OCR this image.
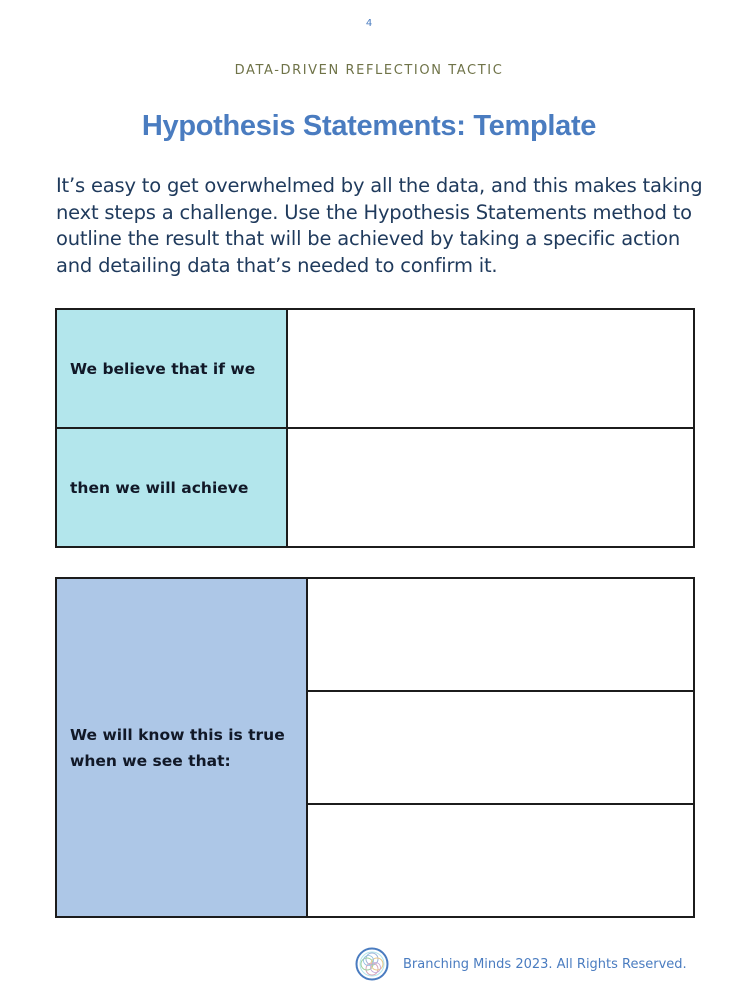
4
DATA-DRIVEN REFLECTION TACTIC
Hypothesis Statements: Template
It’s easy to get overwhelmed by all the data, and this makes taking next steps a challenge. Use the Hypothesis Statements method to outline the result that will be achieved by taking a specific action and detailing data that’s needed to confirm it.
We believe that if we	
then we will achieve	
We will know this is true when we see that:	

Branching Minds 2023. All Rights Reserved.
